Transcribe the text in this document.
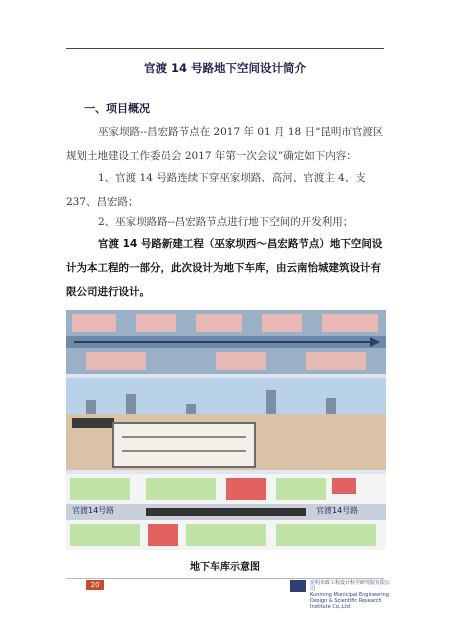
官渡 14 号路地下空间设计简介
一、项目概况
巫家坝路--昌宏路节点在 2017 年 01 月 18 日“昆明市官渡区规划土地建设工作委员会 2017 年第一次会议”确定如下内容：
1、官渡 14 号路连续下穿巫家坝路、高河、官渡主 4、支 237、昌宏路；
2、巫家坝路路--昌宏路节点进行地下空间的开发利用；
官渡 14 号路新建工程（巫家坝西～昌宏路节点）地下空间设计为本工程的一部分，此次设计为地下车库，由云南怡城建筑设计有限公司进行设计。
官渡14号路	官渡14号路
地下车库示意图
20	昆明市政工程设计科学研究院有限公司
Kunming Municipal Engineering Design & Scientific Research Institute Co.,Ltd
